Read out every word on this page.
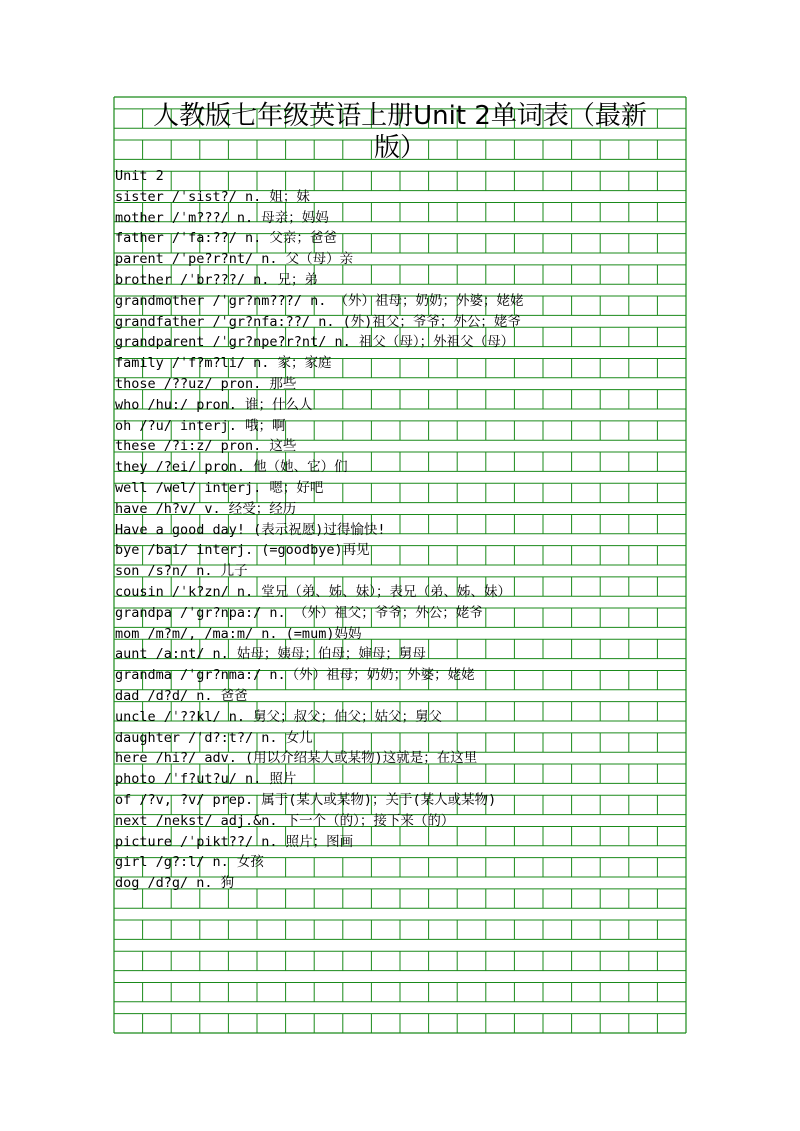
人教版七年级英语上册Unit 2单词表（最新
版）
Unit 2
sister /ˈsist?/ n. 姐；妹
mother /ˈm???/ n. 母亲；妈妈
father /ˈfa:??/ n. 父亲；爸爸
parent /ˈpe?r?nt/ n. 父（母）亲
brother /ˈbr???/ n. 兄；弟
grandmother /ˈgr?nm???/ n. （外）祖母；奶奶；外婆；姥姥
grandfather /ˈgr?nfa:??/ n. (外)祖父；爷爷；外公；姥爷
grandparent /ˈgr?npe?r?nt/ n. 祖父（母）；外祖父（母）
family /ˈf?m?li/ n. 家；家庭
those /??uz/ pron. 那些
who /hu:/ pron. 谁；什么人
oh /?u/ interj. 哦；啊
these /?i:z/ pron. 这些
they /?ei/ pron. 他（她、它）们
well /wel/ interj. 嗯；好吧
have /h?v/ v. 经受；经历
Have a good day! (表示祝愿)过得愉快!
bye /bai/ interj. (=goodbye)再见
son /s?n/ n. 儿子
cousin /ˈk?zn/ n. 堂兄（弟、姊、妹）；表兄（弟、姊、妹）
grandpa /ˈgr?npa:/ n. （外）祖父；爷爷；外公；姥爷
mom /m?m/, /ma:m/ n. (=mum)妈妈
aunt /a:nt/ n. 姑母；姨母；伯母；婶母；舅母
grandma /ˈgr?nma:/ n.（外）祖母；奶奶；外婆；姥姥
dad /d?d/ n. 爸爸
uncle /ˈ??kl/ n. 舅父；叔父；伯父；姑父；舅父
daughter /ˈd?:t?/ n. 女儿
here /hi?/ adv. (用以介绍某人或某物)这就是；在这里
photo /ˈf?ut?u/ n. 照片
of /?v, ?v/ prep. 属于(某人或某物)；关于(某人或某物)
next /nekst/ adj.&n. 下一个（的）；接下来（的）
picture /ˈpikt??/ n. 照片；图画
girl /g?:l/ n. 女孩
dog /d?g/ n. 狗
